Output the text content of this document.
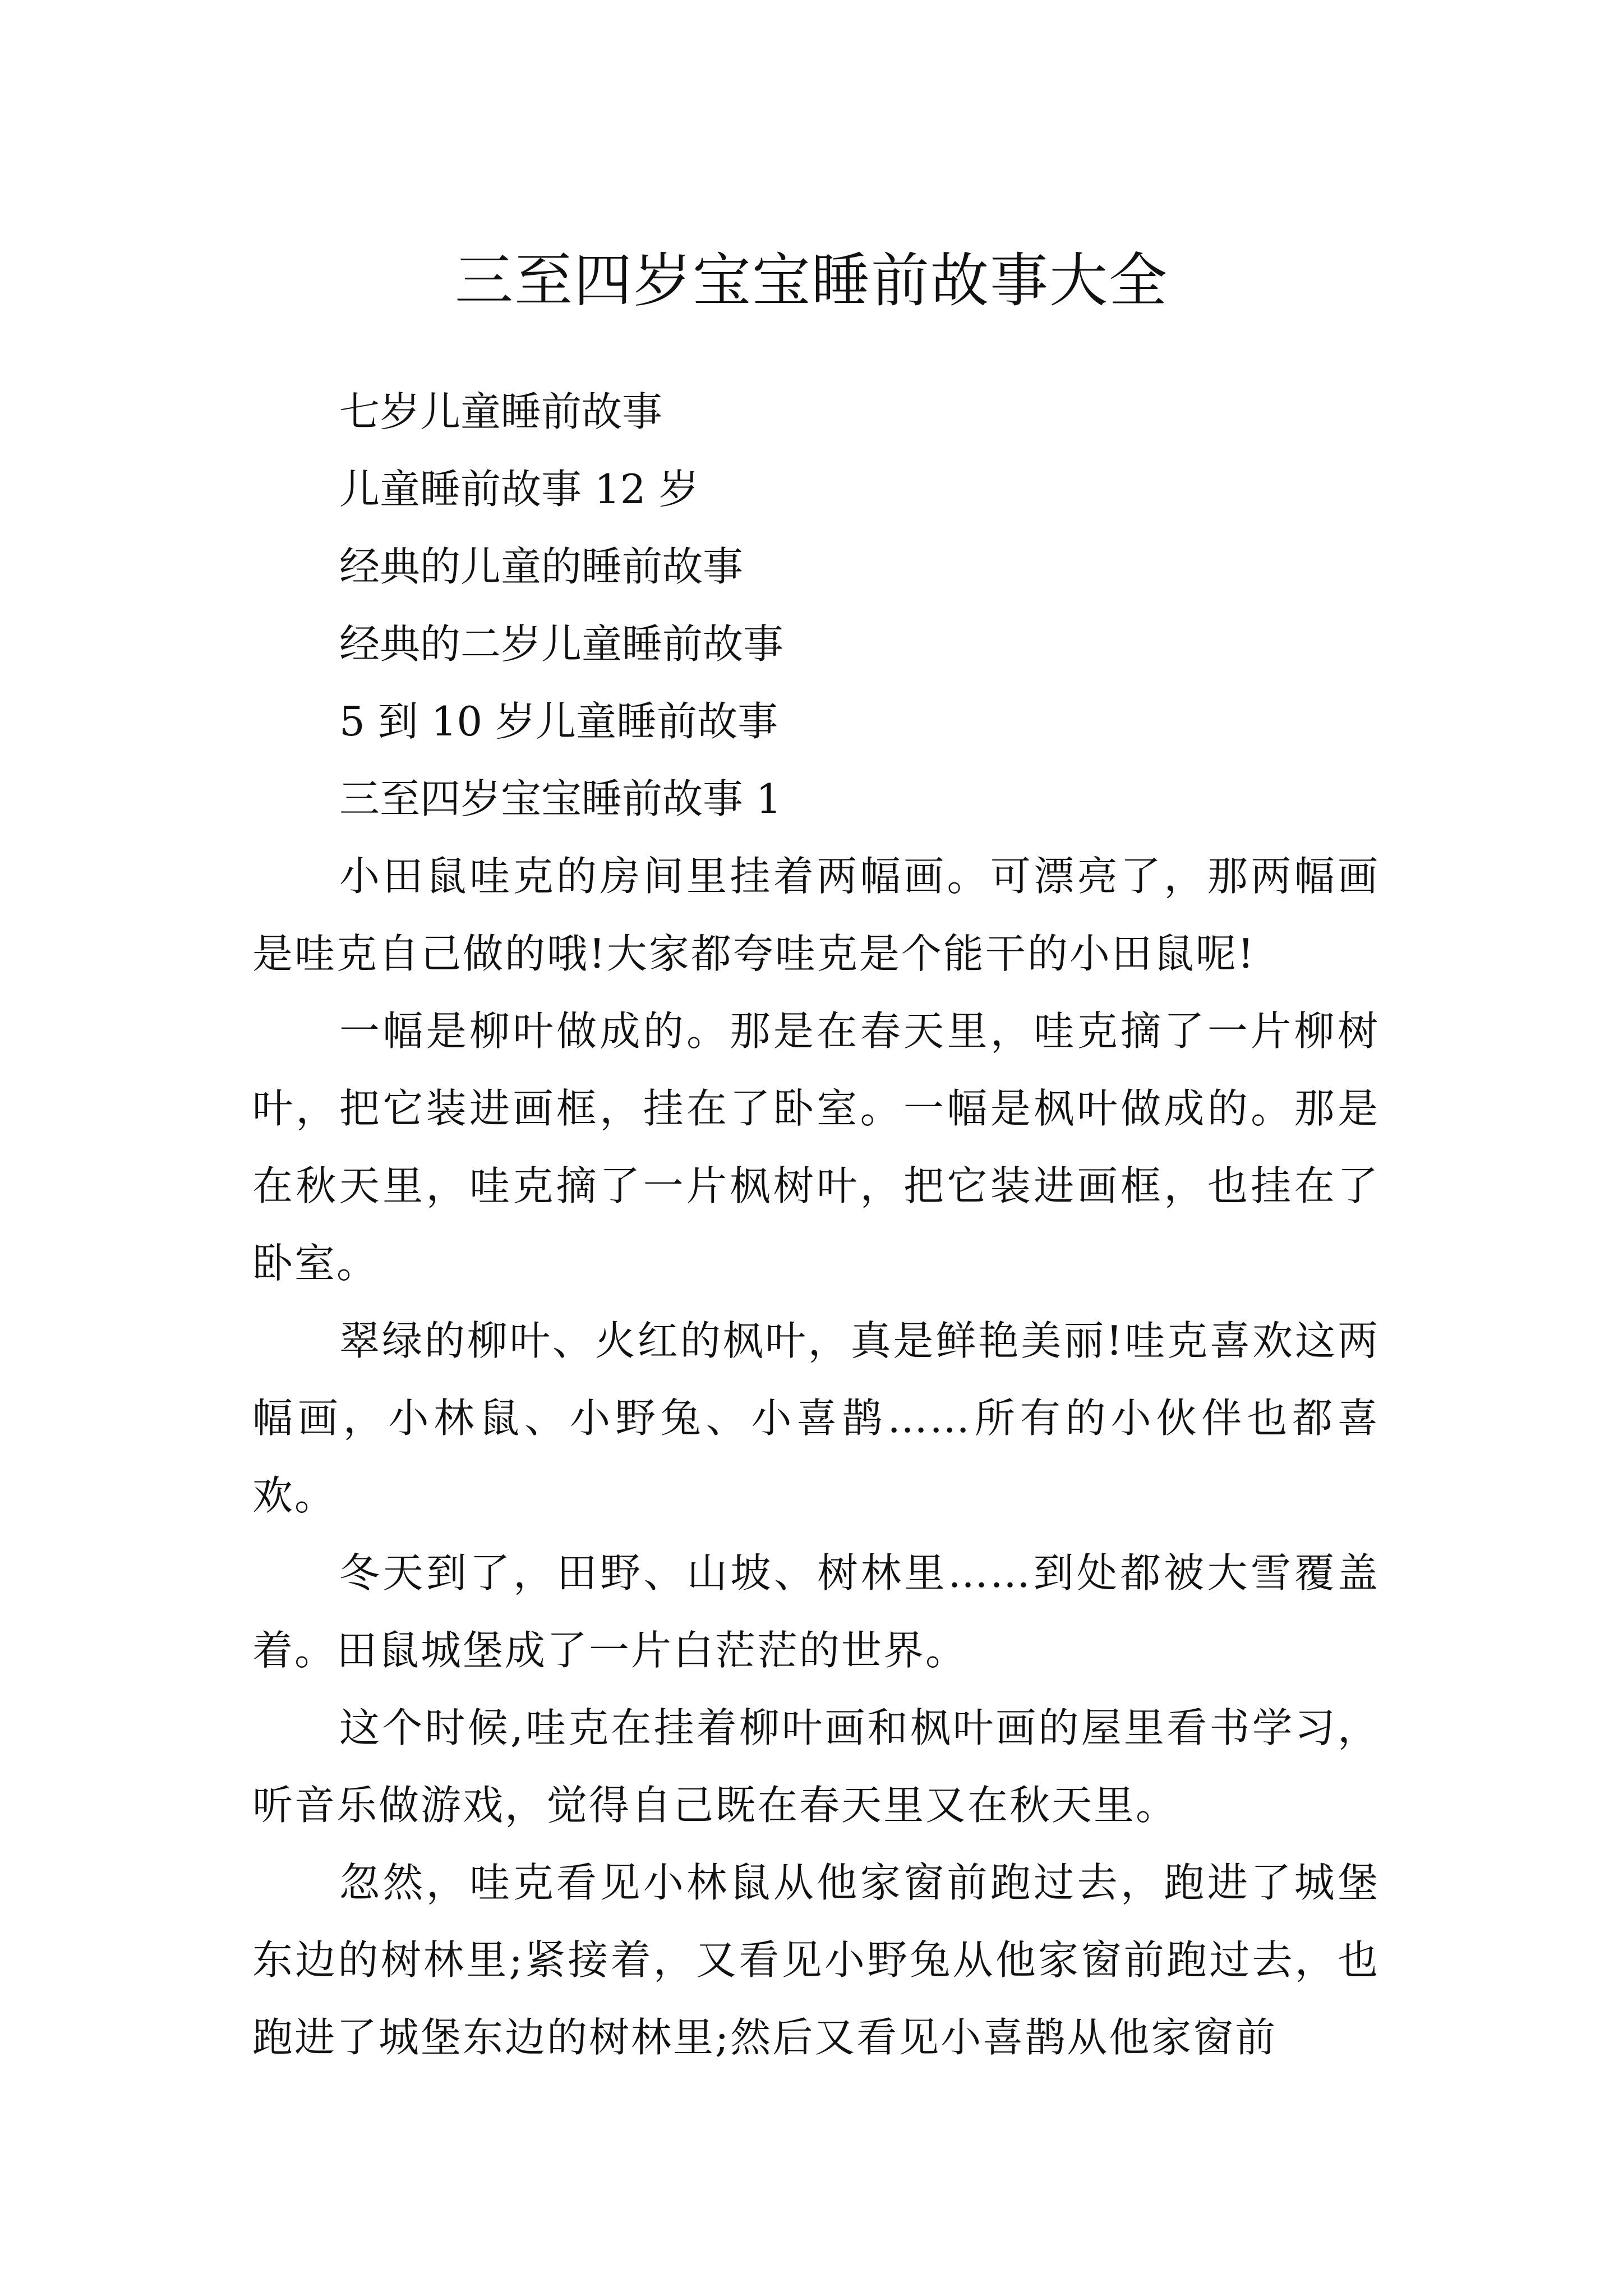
三至四岁宝宝睡前故事大全

七岁儿童睡前故事

儿童睡前故事 12 岁

经典的儿童的睡前故事

经典的二岁儿童睡前故事

5 到 10 岁儿童睡前故事

三至四岁宝宝睡前故事 1

小田鼠哇克的房间里挂着两幅画。可漂亮了，那两幅画是哇克自己做的哦!大家都夸哇克是个能干的小田鼠呢!

一幅是柳叶做成的。那是在春天里，哇克摘了一片柳树叶，把它装进画框，挂在了卧室。一幅是枫叶做成的。那是在秋天里，哇克摘了一片枫树叶，把它装进画框，也挂在了卧室。

翠绿的柳叶、火红的枫叶，真是鲜艳美丽!哇克喜欢这两幅画，小林鼠、小野兔、小喜鹊……所有的小伙伴也都喜欢。

冬天到了，田野、山坡、树林里……到处都被大雪覆盖着。田鼠城堡成了一片白茫茫的世界。

这个时候,哇克在挂着柳叶画和枫叶画的屋里看书学习，听音乐做游戏，觉得自己既在春天里又在秋天里。

忽然，哇克看见小林鼠从他家窗前跑过去，跑进了城堡东边的树林里;紧接着，又看见小野兔从他家窗前跑过去，也跑进了城堡东边的树林里;然后又看见小喜鹊从他家窗前
